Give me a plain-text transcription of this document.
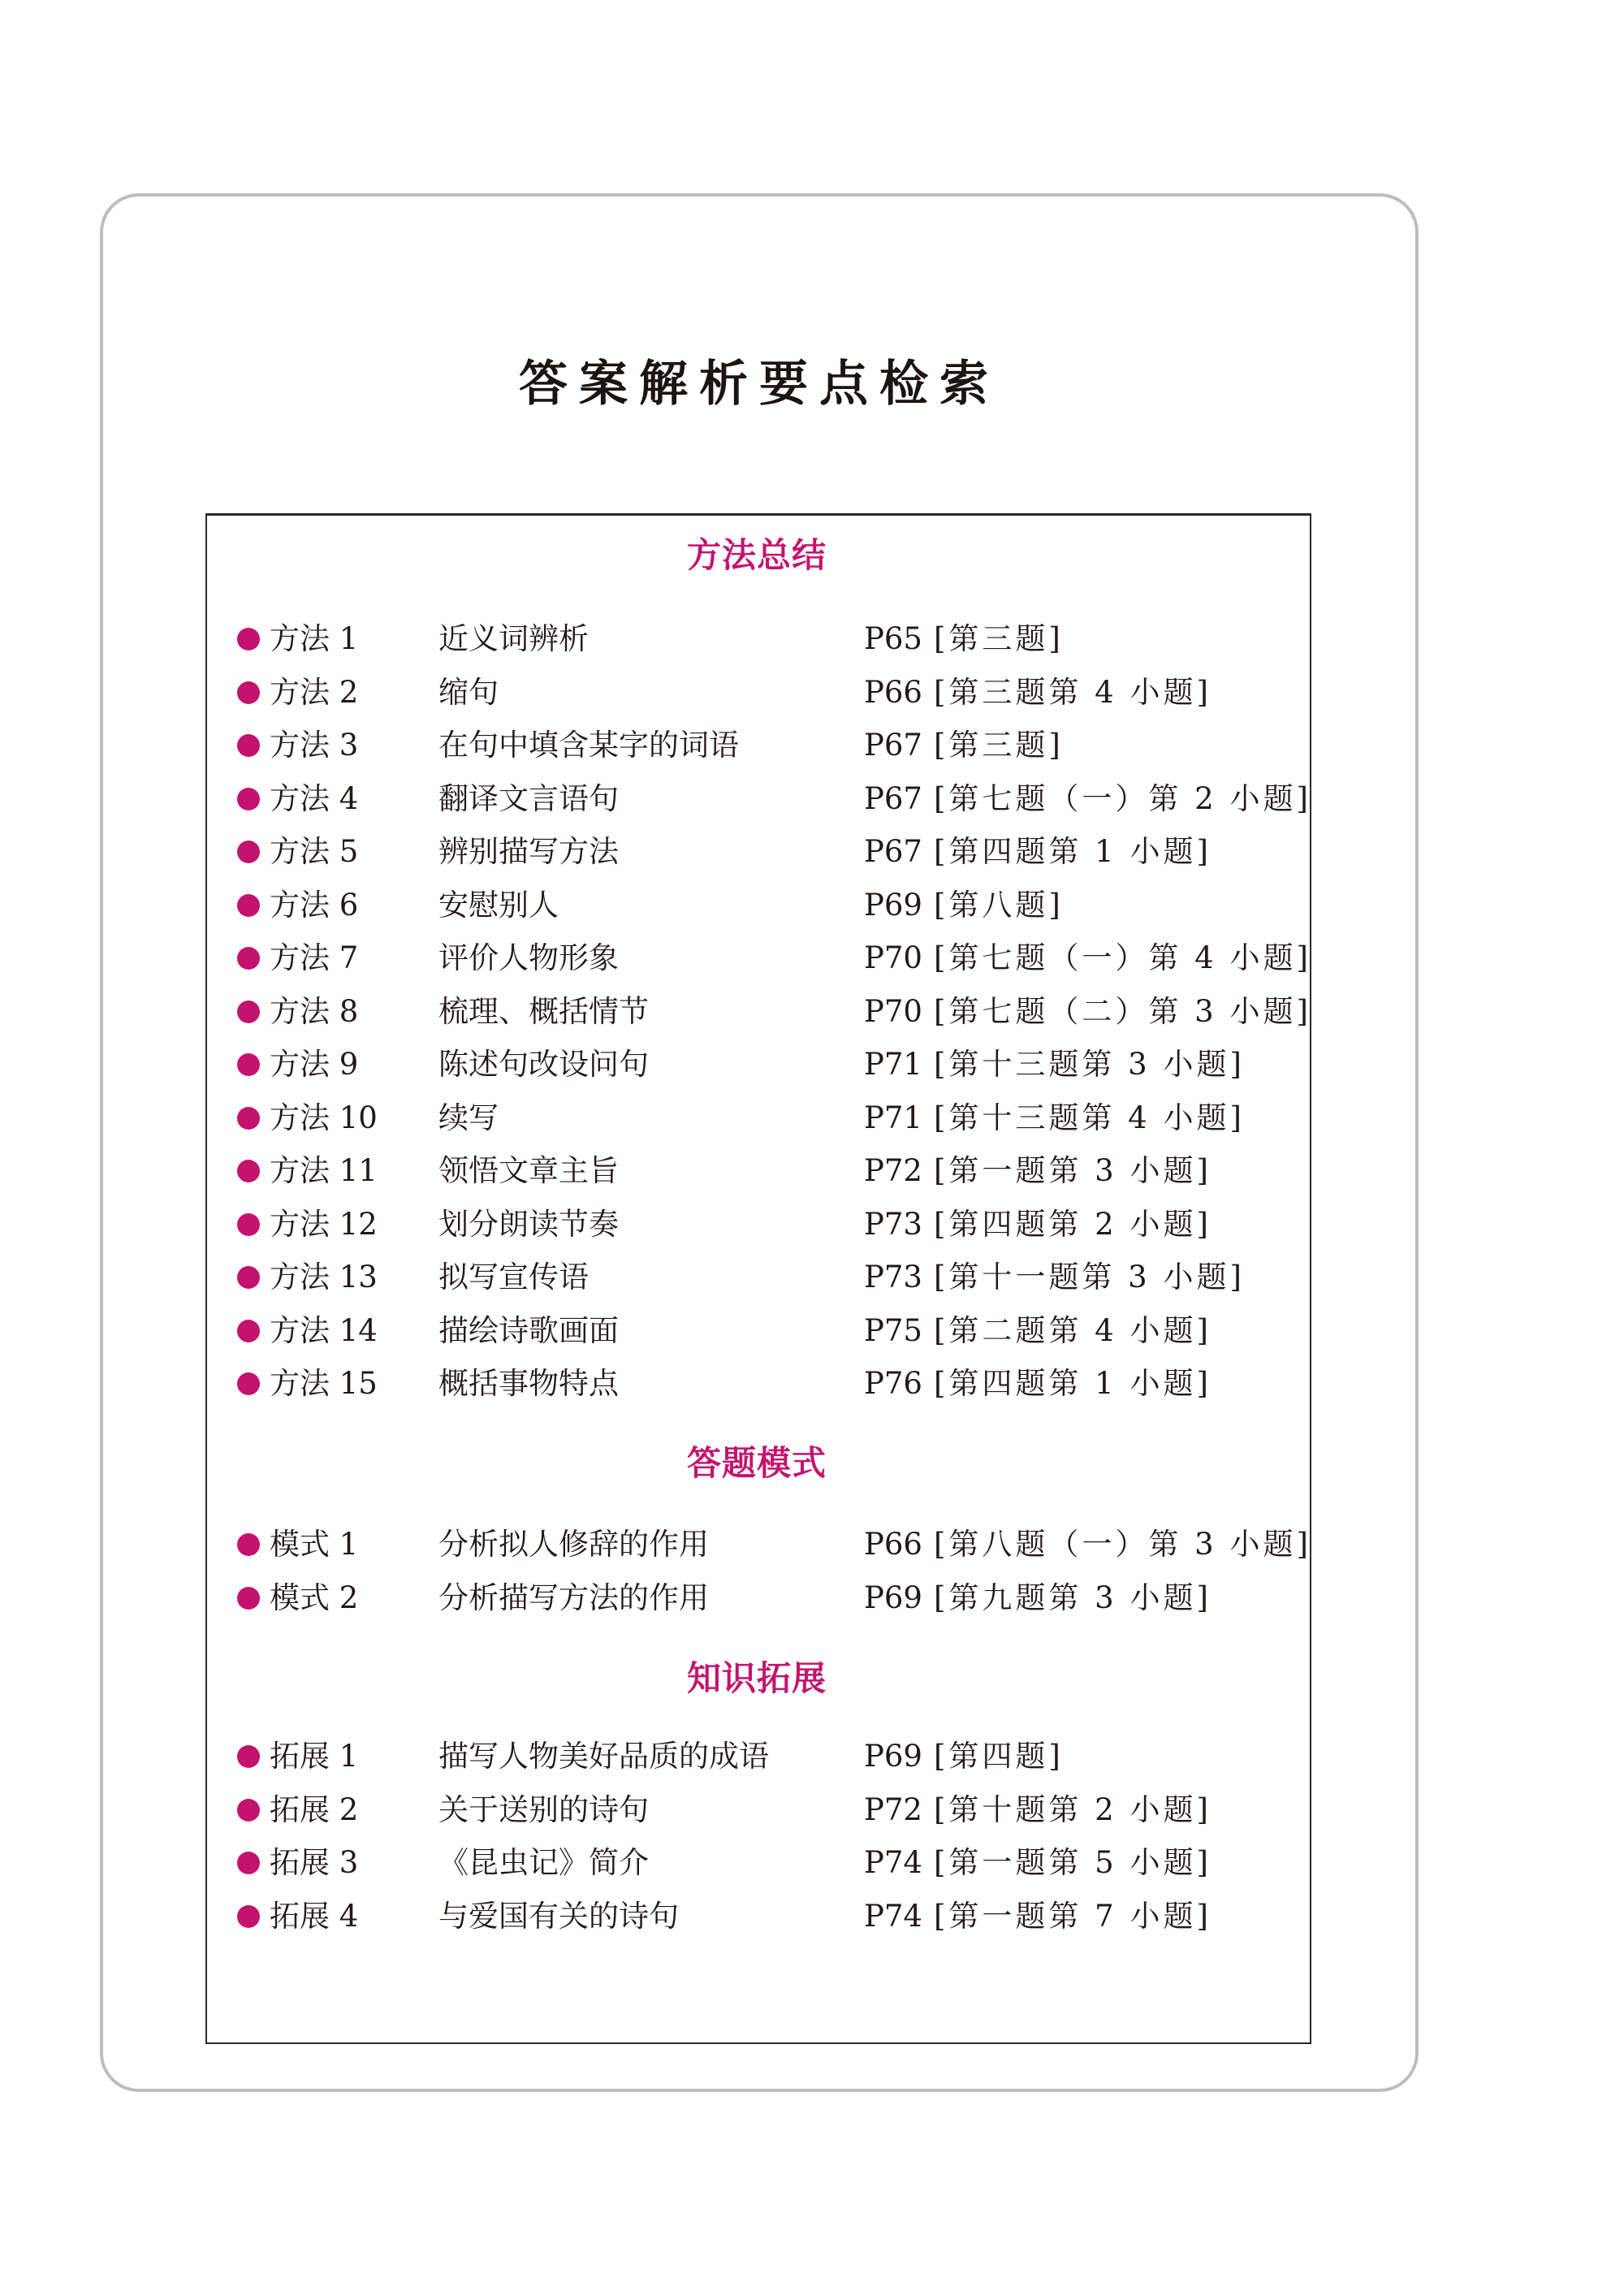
答案解析要点检索
方法总结
方法 1	近义词辨析	P65 [第三题]
方法 2	缩句	P66 [第三题第 4 小题]
方法 3	在句中填含某字的词语	P67 [第三题]
方法 4	翻译文言语句	P67 [第七题（一）第 2 小题]
方法 5	辨别描写方法	P67 [第四题第 1 小题]
方法 6	安慰别人	P69 [第八题]
方法 7	评价人物形象	P70 [第七题（一）第 4 小题]
方法 8	梳理、概括情节	P70 [第七题（二）第 3 小题]
方法 9	陈述句改设问句	P71 [第十三题第 3 小题]
方法 10 续写	P71 [第十三题第 4 小题]
方法 11 领悟文章主旨	P72 [第一题第 3 小题]
方法 12 划分朗读节奏	P73 [第四题第 2 小题]
方法 13 拟写宣传语	P73 [第十一题第 3 小题]
方法 14 描绘诗歌画面	P75 [第二题第 4 小题]
方法 15 概括事物特点	P76 [第四题第 1 小题]
答题模式
模式 1	分析拟人修辞的作用	P66 [第八题（一）第 3 小题]
模式 2	分析描写方法的作用	P69 [第九题第 3 小题]
知识拓展
拓展 1	描写人物美好品质的成语	P69 [第四题]
拓展 2	关于送别的诗句	P72 [第十题第 2 小题]
拓展 3	《昆虫记》简介	P74 [第一题第 5 小题]
拓展 4	与爱国有关的诗句	P74 [第一题第 7 小题]
